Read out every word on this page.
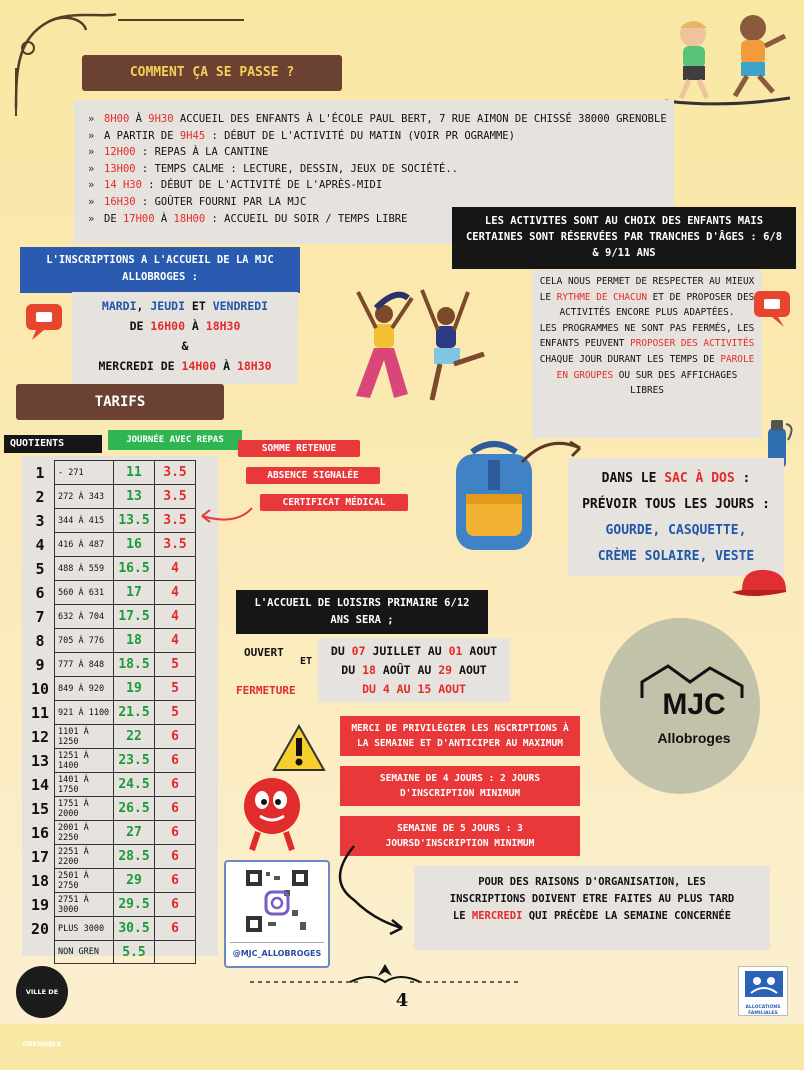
COMMENT ÇA SE PASSE ?
» 8H00 À 9H30 ACCUEIL DES ENFANTS À L'ÉCOLE PAUL BERT, 7 RUE AIMON DE CHISSÉ 38000 GRENOBLE
» A PARTIR DE 9H45 : DÉBUT DE L'ACTIVITÉ DU MATIN (VOIR PR OGRAMME)
» 12H00 : REPAS À LA CANTINE
» 13H00 : TEMPS CALME : LECTURE, DESSIN, JEUX DE SOCIÉTÉ..
» 14 H30 : DÉBUT DE L'ACTIVITÉ DE L'APRÈS-MIDI
» 16H30 : GOÛTER FOURNI PAR LA MJC
» DE 17H00 À 18H00 : ACCUEIL DU SOIR / TEMPS LIBRE	LES ACTIVITES SONT AU CHOIX DES ENFANTS MAIS CERTAINES SONT RÉSERVÉES PAR TRANCHES D'ÂGES : 6/8 & 9/11 ANS
CELA NOUS PERMET DE RESPECTER AU MIEUX LE RYTHME DE CHACUN ET DE PROPOSER DES ACTIVITÉS ENCORE PLUS ADAPTÉES.
LES PROGRAMMES NE SONT PAS FERMÉS, LES ENFANTS PEUVENT PROPOSER DES ACTIVITÉS CHAQUE JOUR DURANT LES TEMPS DE PAROLE EN GROUPES OU SUR DES AFFICHAGES LIBRES
L'INSCRIPTIONS A L'ACCUEIL DE LA MJC ALLOBROGES :
MARDI, JEUDI ET VENDREDI
DE 16H00 À 18H30
&
MERCREDI DE 14H00 À 18H30
TARIFS
QUOTIENTS	JOURNÉE AVEC REPAS
1	- 271	11	3.5
2	272 À 343	13	3.5
3	344 À 415	13.5	3.5
4	416 À 487	16	3.5
5	488 À 559	16.5	4
6	560 À 631	17	4
7	632 À 704	17.5	4
8	705 À 776	18	4
9	777 À 848	18.5	5
10	849 À 920	19	5
11	921 À 1100	21.5	5
12	1101 À 1250	22	6
13	1251 À 1400	23.5	6
14	1401 À 1750	24.5	6
15	1751 À 2000	26.5	6
16	2001 À 2250	27	6
17	2251 À 2200	28.5	6
18	2501 À 2750	29	6
19	2751 À 3000	29.5	6
20	PLUS 3000	30.5	6
	NON GREN	5.5	
SOMME RETENUE
ABSENCE SIGNALÉE
CERTIFICAT MÉDICAL
DANS LE SAC À DOS :
PRÉVOIR TOUS LES JOURS :
GOURDE, CASQUETTE,
CRÈME SOLAIRE, VESTE
L'ACCUEIL DE LOISIRS PRIMAIRE 6/12 ANS SERA ;
OUVERT
ET
FERMETURE
DU 07 JUILLET AU 01 AOUT
DU 18 AOÛT AU 29 AOUT
DU 4 AU 15 AOUT	MJC
Allobroges
MERCI DE PRIVILÉGIER LES NSCRIPTIONS À LA SEMAINE ET D'ANTICIPER AU MAXIMUM
SEMAINE DE 4 JOURS : 2 JOURS D'INSCRIPTION MINIMUM
SEMAINE DE 5 JOURS : 3 JOURSD'INSCRIPTION MINIMUM
@MJC_ALLOBROGES
POUR DES RAISONS D'ORGANISATION, LES INSCRIPTIONS DOIVENT ETRE FAITES AU PLUS TARD LE MERCREDI QUI PRÉCÈDE LA SEMAINE CONCERNÉE
VILLE DE GRENOBLE
4	ALLOCATIONS FAMILIALES
